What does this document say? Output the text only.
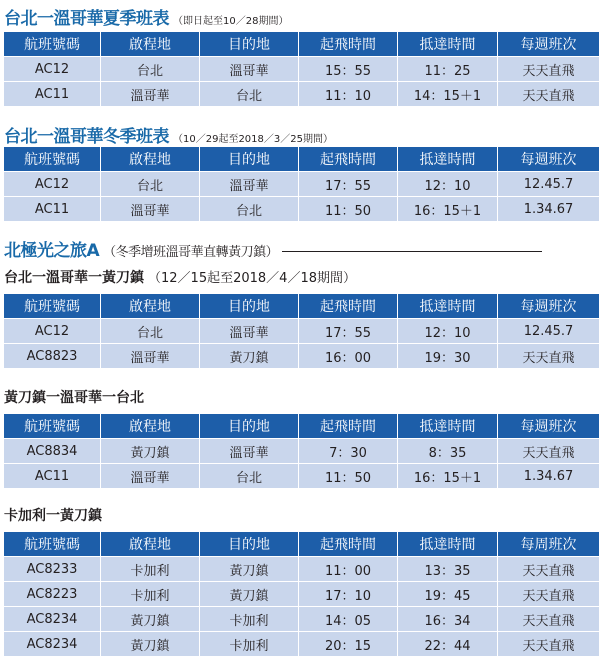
台北一溫哥華夏季班表 （即日起至10／28期間）
航班號碼	啟程地	目的地	起飛時間	抵達時間	每週班次
AC12	台北	溫哥華	15：55	11：25	天天直飛
AC11	溫哥華	台北	11：10	14：15＋1	天天直飛
台北一溫哥華冬季班表 （10／29起至2018／3／25期間）
航班號碼	啟程地	目的地	起飛時間	抵達時間	每週班次
AC12	台北	溫哥華	17：55	12：10	12.45.7
AC11	溫哥華	台北	11：50	16：15＋1	1.34.67
北極光之旅A （冬季增班溫哥華直轉黃刀鎮）
台北一溫哥華一黃刀鎮 （12／15起至2018／4／18期間）
航班號碼	啟程地	目的地	起飛時間	抵達時間	每週班次
AC12	台北	溫哥華	17：55	12：10	12.45.7
AC8823	溫哥華	黃刀鎮	16：00	19：30	天天直飛
黃刀鎮一溫哥華一台北
航班號碼	啟程地	目的地	起飛時間	抵達時間	每週班次
AC8834	黃刀鎮	溫哥華	7：30	8：35	天天直飛
AC11	溫哥華	台北	11：50	16：15＋1	1.34.67
卡加利一黃刀鎮
航班號碼	啟程地	目的地	起飛時間	抵達時間	每周班次
AC8233	卡加利	黃刀鎮	11：00	13：35	天天直飛
AC8223	卡加利	黃刀鎮	17：10	19：45	天天直飛
AC8234	黃刀鎮	卡加利	14：05	16：34	天天直飛
AC8234	黃刀鎮	卡加利	20：15	22：44	天天直飛
